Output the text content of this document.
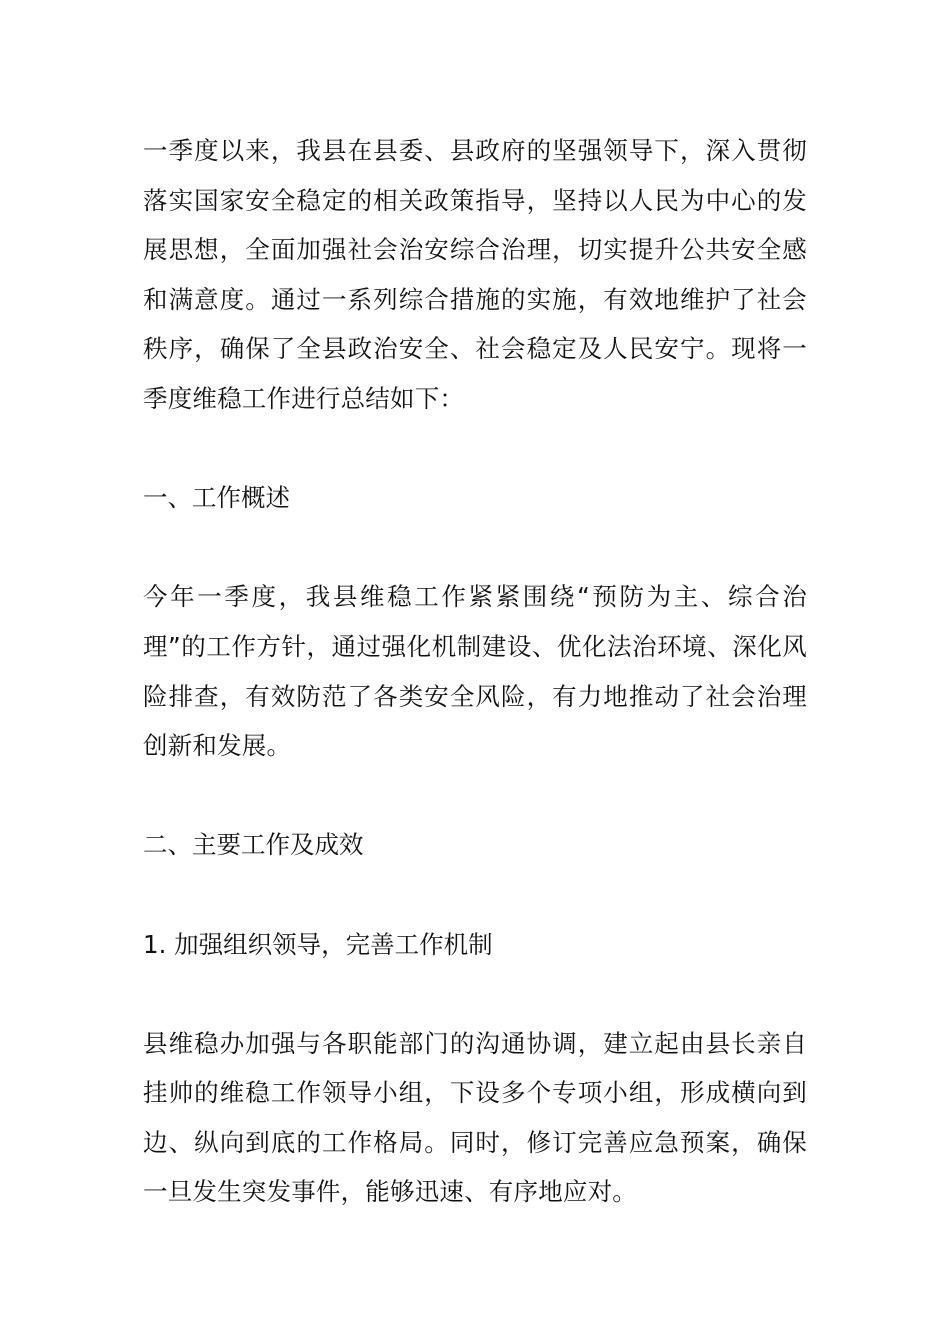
一季度以来，我县在县委、县政府的坚强领导下，深入贯彻落实国家安全稳定的相关政策指导，坚持以人民为中心的发展思想，全面加强社会治安综合治理，切实提升公共安全感和满意度。通过一系列综合措施的实施，有效地维护了社会秩序，确保了全县政治安全、社会稳定及人民安宁。现将一季度维稳工作进行总结如下：

一、工作概述

今年一季度，我县维稳工作紧紧围绕“预防为主、综合治理”的工作方针，通过强化机制建设、优化法治环境、深化风险排查，有效防范了各类安全风险，有力地推动了社会治理创新和发展。

二、主要工作及成效
1. 加强组织领导，完善工作机制

县维稳办加强与各职能部门的沟通协调，建立起由县长亲自挂帅的维稳工作领导小组，下设多个专项小组，形成横向到边、纵向到底的工作格局。同时，修订完善应急预案，确保一旦发生突发事件，能够迅速、有序地应对。
